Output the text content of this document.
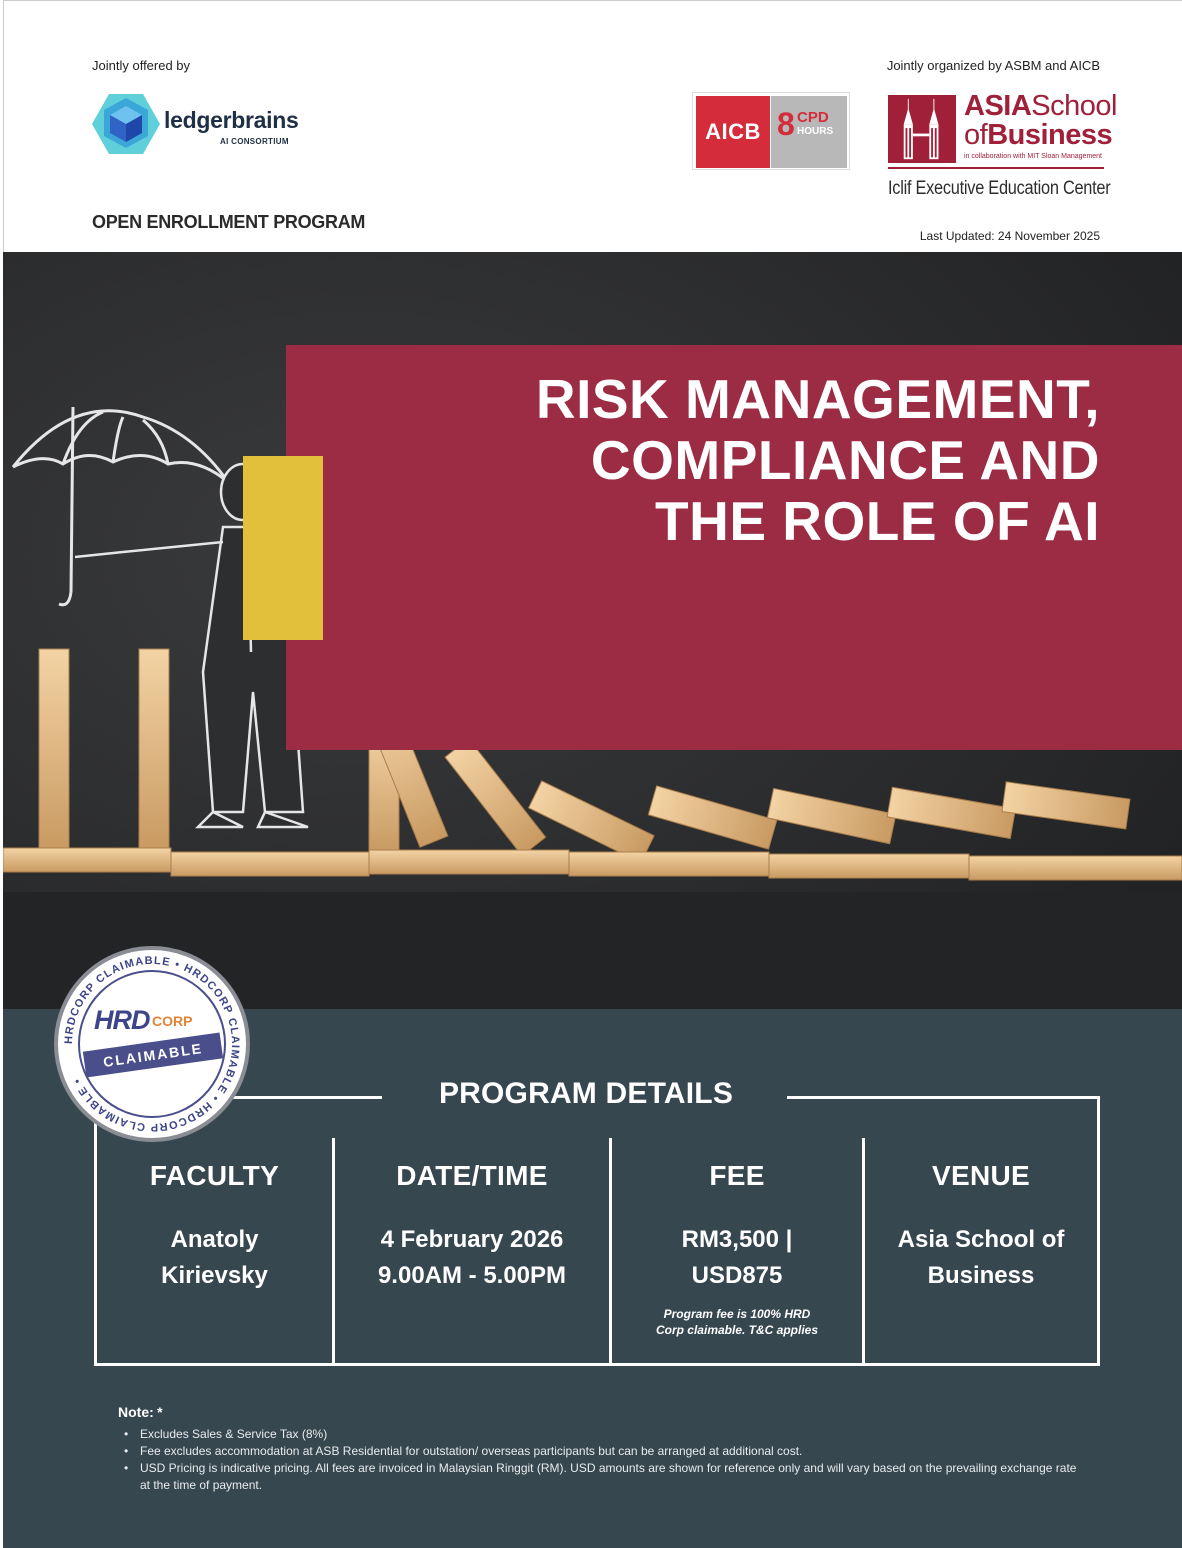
Jointly offered by	Jointly organized by ASBM and AICB
ledgerbrains
AI CONSORTIUM	AICB 8 CPD
HOURS
ASIASchool
ofBusiness
in collaboration with MIT Sloan Management
Iclif Executive Education Center
OPEN ENROLLMENT PROGRAM
Last Updated: 24 November 2025
RISK MANAGEMENT,
COMPLIANCE AND
THE ROLE OF AI
PROGRAM DETAILS
FACULTY
Anatoly
Kirievsky
DATE/TIME
4 February 2026
9.00AM - 5.00PM
FEE
RM3,500 |
USD875
Program fee is 100% HRD
Corp claimable. T&C applies
VENUE
Asia School of
Business
HRDCORP CLAIMABLE • HRDCORP CLAIMABLE • HRDCORP CLAIMABLE •
HRD CORP
CLAIMABLE
Note: *
• Excludes Sales & Service Tax (8%)
• Fee excludes accommodation at ASB Residential for outstation/ overseas participants but can be arranged at additional cost.
• USD Pricing is indicative pricing. All fees are invoiced in Malaysian Ringgit (RM). USD amounts are shown for reference only and will vary based on the prevailing exchange rate at the time of payment.
